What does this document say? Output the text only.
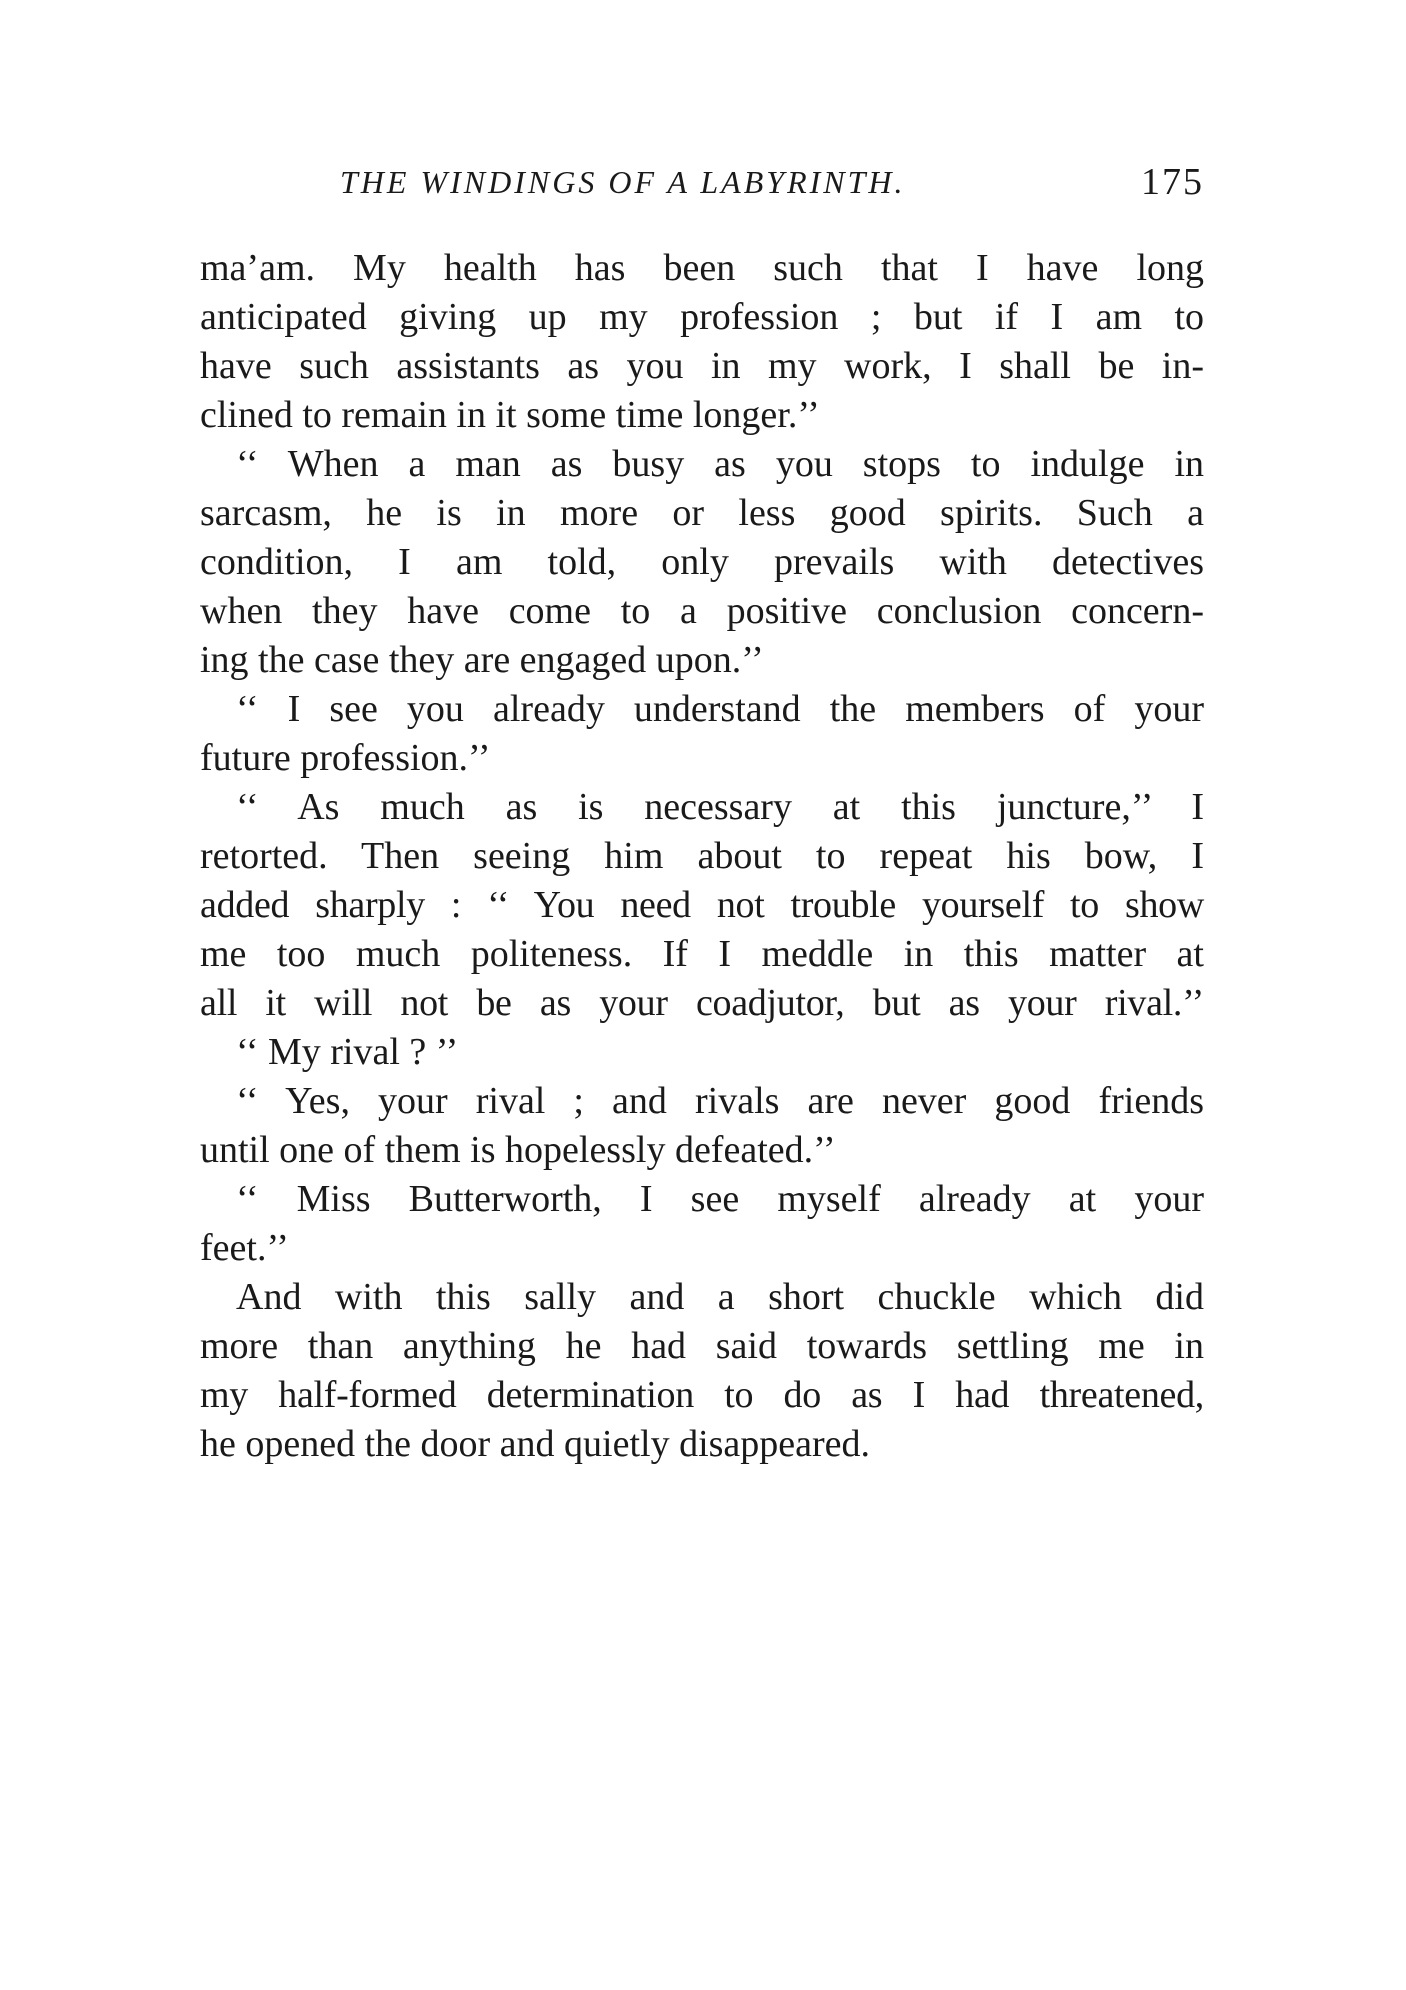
THE WINDINGS OF A LABYRINTH.	175
ma’am. My health has been such that I have long
anticipated giving up my profession ; but if I am to
have such assistants as you in my work, I shall be in-
clined to remain in it some time longer.’’
‘‘ When a man as busy as you stops to indulge in
sarcasm, he is in more or less good spirits. Such a
condition, I am told, only prevails with detectives
when they have come to a positive conclusion concern-
ing the case they are engaged upon.’’
‘‘ I see you already understand the members of your
future profession.’’
‘‘ As much as is necessary at this juncture,’’ I
retorted. Then seeing him about to repeat his bow, I
added sharply : ‘‘ You need not trouble yourself to show
me too much politeness. If I meddle in this matter at
all it will not be as your coadjutor, but as your rival.’’
‘‘ My rival ? ’’
‘‘ Yes, your rival ; and rivals are never good friends
until one of them is hopelessly defeated.’’
‘‘ Miss Butterworth, I see myself already at your
feet.’’
And with this sally and a short chuckle which did
more than anything he had said towards settling me in
my half-formed determination to do as I had threatened,
he opened the door and quietly disappeared.
